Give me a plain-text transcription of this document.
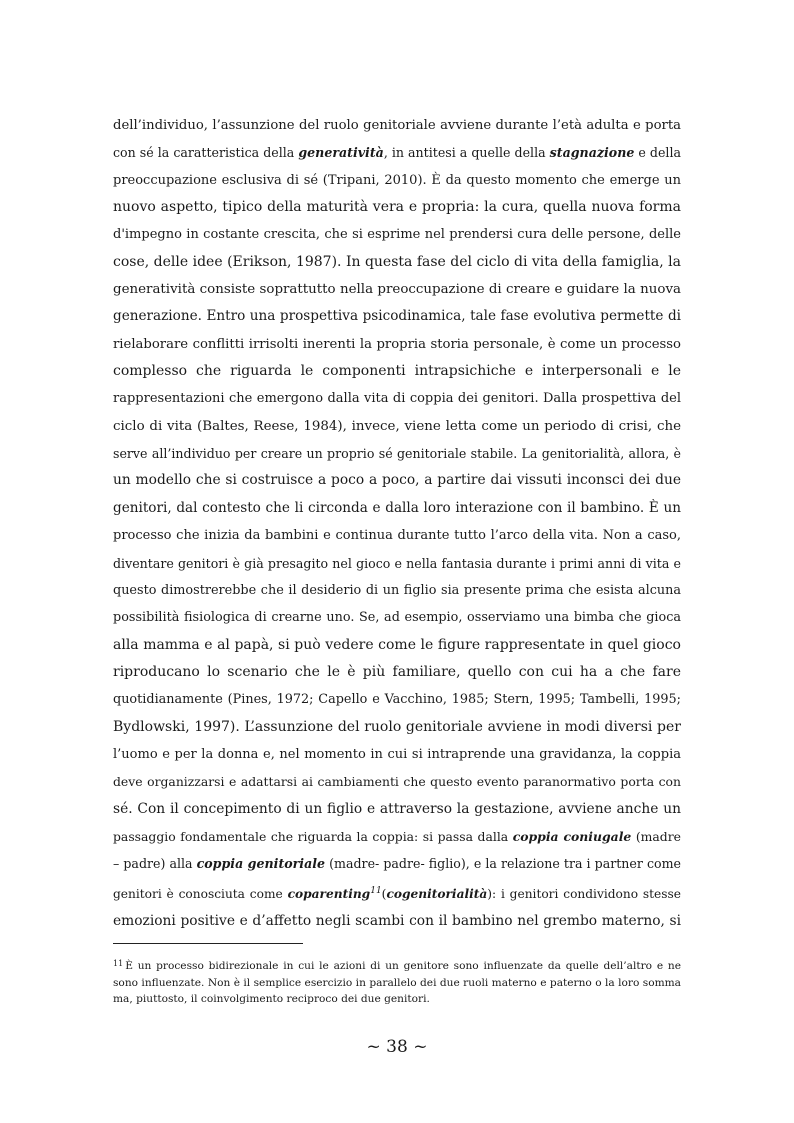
dell’individuo, l’assunzione del ruolo genitoriale avviene durante l’età adulta e porta
con sé la caratteristica della generatività, in antitesi a quelle della stagnazione e della
preoccupazione esclusiva di sé (Tripani, 2010). È da questo momento che emerge un
nuovo aspetto, tipico della maturità vera e propria: la cura, quella nuova forma
d'impegno in costante crescita, che si esprime nel prendersi cura delle persone, delle
cose, delle idee (Erikson, 1987). In questa fase del ciclo di vita della famiglia, la
generatività consiste soprattutto nella preoccupazione di creare e guidare la nuova
generazione. Entro una prospettiva psicodinamica, tale fase evolutiva permette di
rielaborare conflitti irrisolti inerenti la propria storia personale, è come un processo
complesso che riguarda le componenti intrapsichiche e interpersonali e le
rappresentazioni che emergono dalla vita di coppia dei genitori. Dalla prospettiva del
ciclo di vita (Baltes, Reese, 1984), invece, viene letta come un periodo di crisi, che
serve all’individuo per creare un proprio sé genitoriale stabile. La genitorialità, allora, è
un modello che si costruisce a poco a poco, a partire dai vissuti inconsci dei due
genitori, dal contesto che li circonda e dalla loro interazione con il bambino. È un
processo che inizia da bambini e continua durante tutto l’arco della vita. Non a caso,
diventare genitori è già presagito nel gioco e nella fantasia durante i primi anni di vita e
questo dimostrerebbe che il desiderio di un figlio sia presente prima che esista alcuna
possibilità fisiologica di crearne uno. Se, ad esempio, osserviamo una bimba che gioca
alla mamma e al papà, si può vedere come le figure rappresentate in quel gioco
riproducano lo scenario che le è più familiare, quello con cui ha a che fare
quotidianamente (Pines, 1972; Capello e Vacchino, 1985; Stern, 1995; Tambelli, 1995;
Bydlowski, 1997). L’assunzione del ruolo genitoriale avviene in modi diversi per
l’uomo e per la donna e, nel momento in cui si intraprende una gravidanza, la coppia
deve organizzarsi e adattarsi ai cambiamenti che questo evento paranormativo porta con
sé. Con il concepimento di un figlio e attraverso la gestazione, avviene anche un
passaggio fondamentale che riguarda la coppia: si passa dalla coppia coniugale (madre
– padre) alla coppia genitoriale (madre- padre- figlio), e la relazione tra i partner come
genitori è conosciuta come coparenting$^{11}$(cogenitorialità): i genitori condividono stesse
emozioni positive e d’affetto negli scambi con il bambino nel grembo materno, si
$^{11}$ È un processo bidirezionale in cui le azioni di un genitore sono influenzate da quelle dell’altro e ne
sono influenzate. Non è il semplice esercizio in parallelo dei due ruoli materno e paterno o la loro somma
ma, piuttosto, il coinvolgimento reciproco dei due genitori.
~ 38 ~
